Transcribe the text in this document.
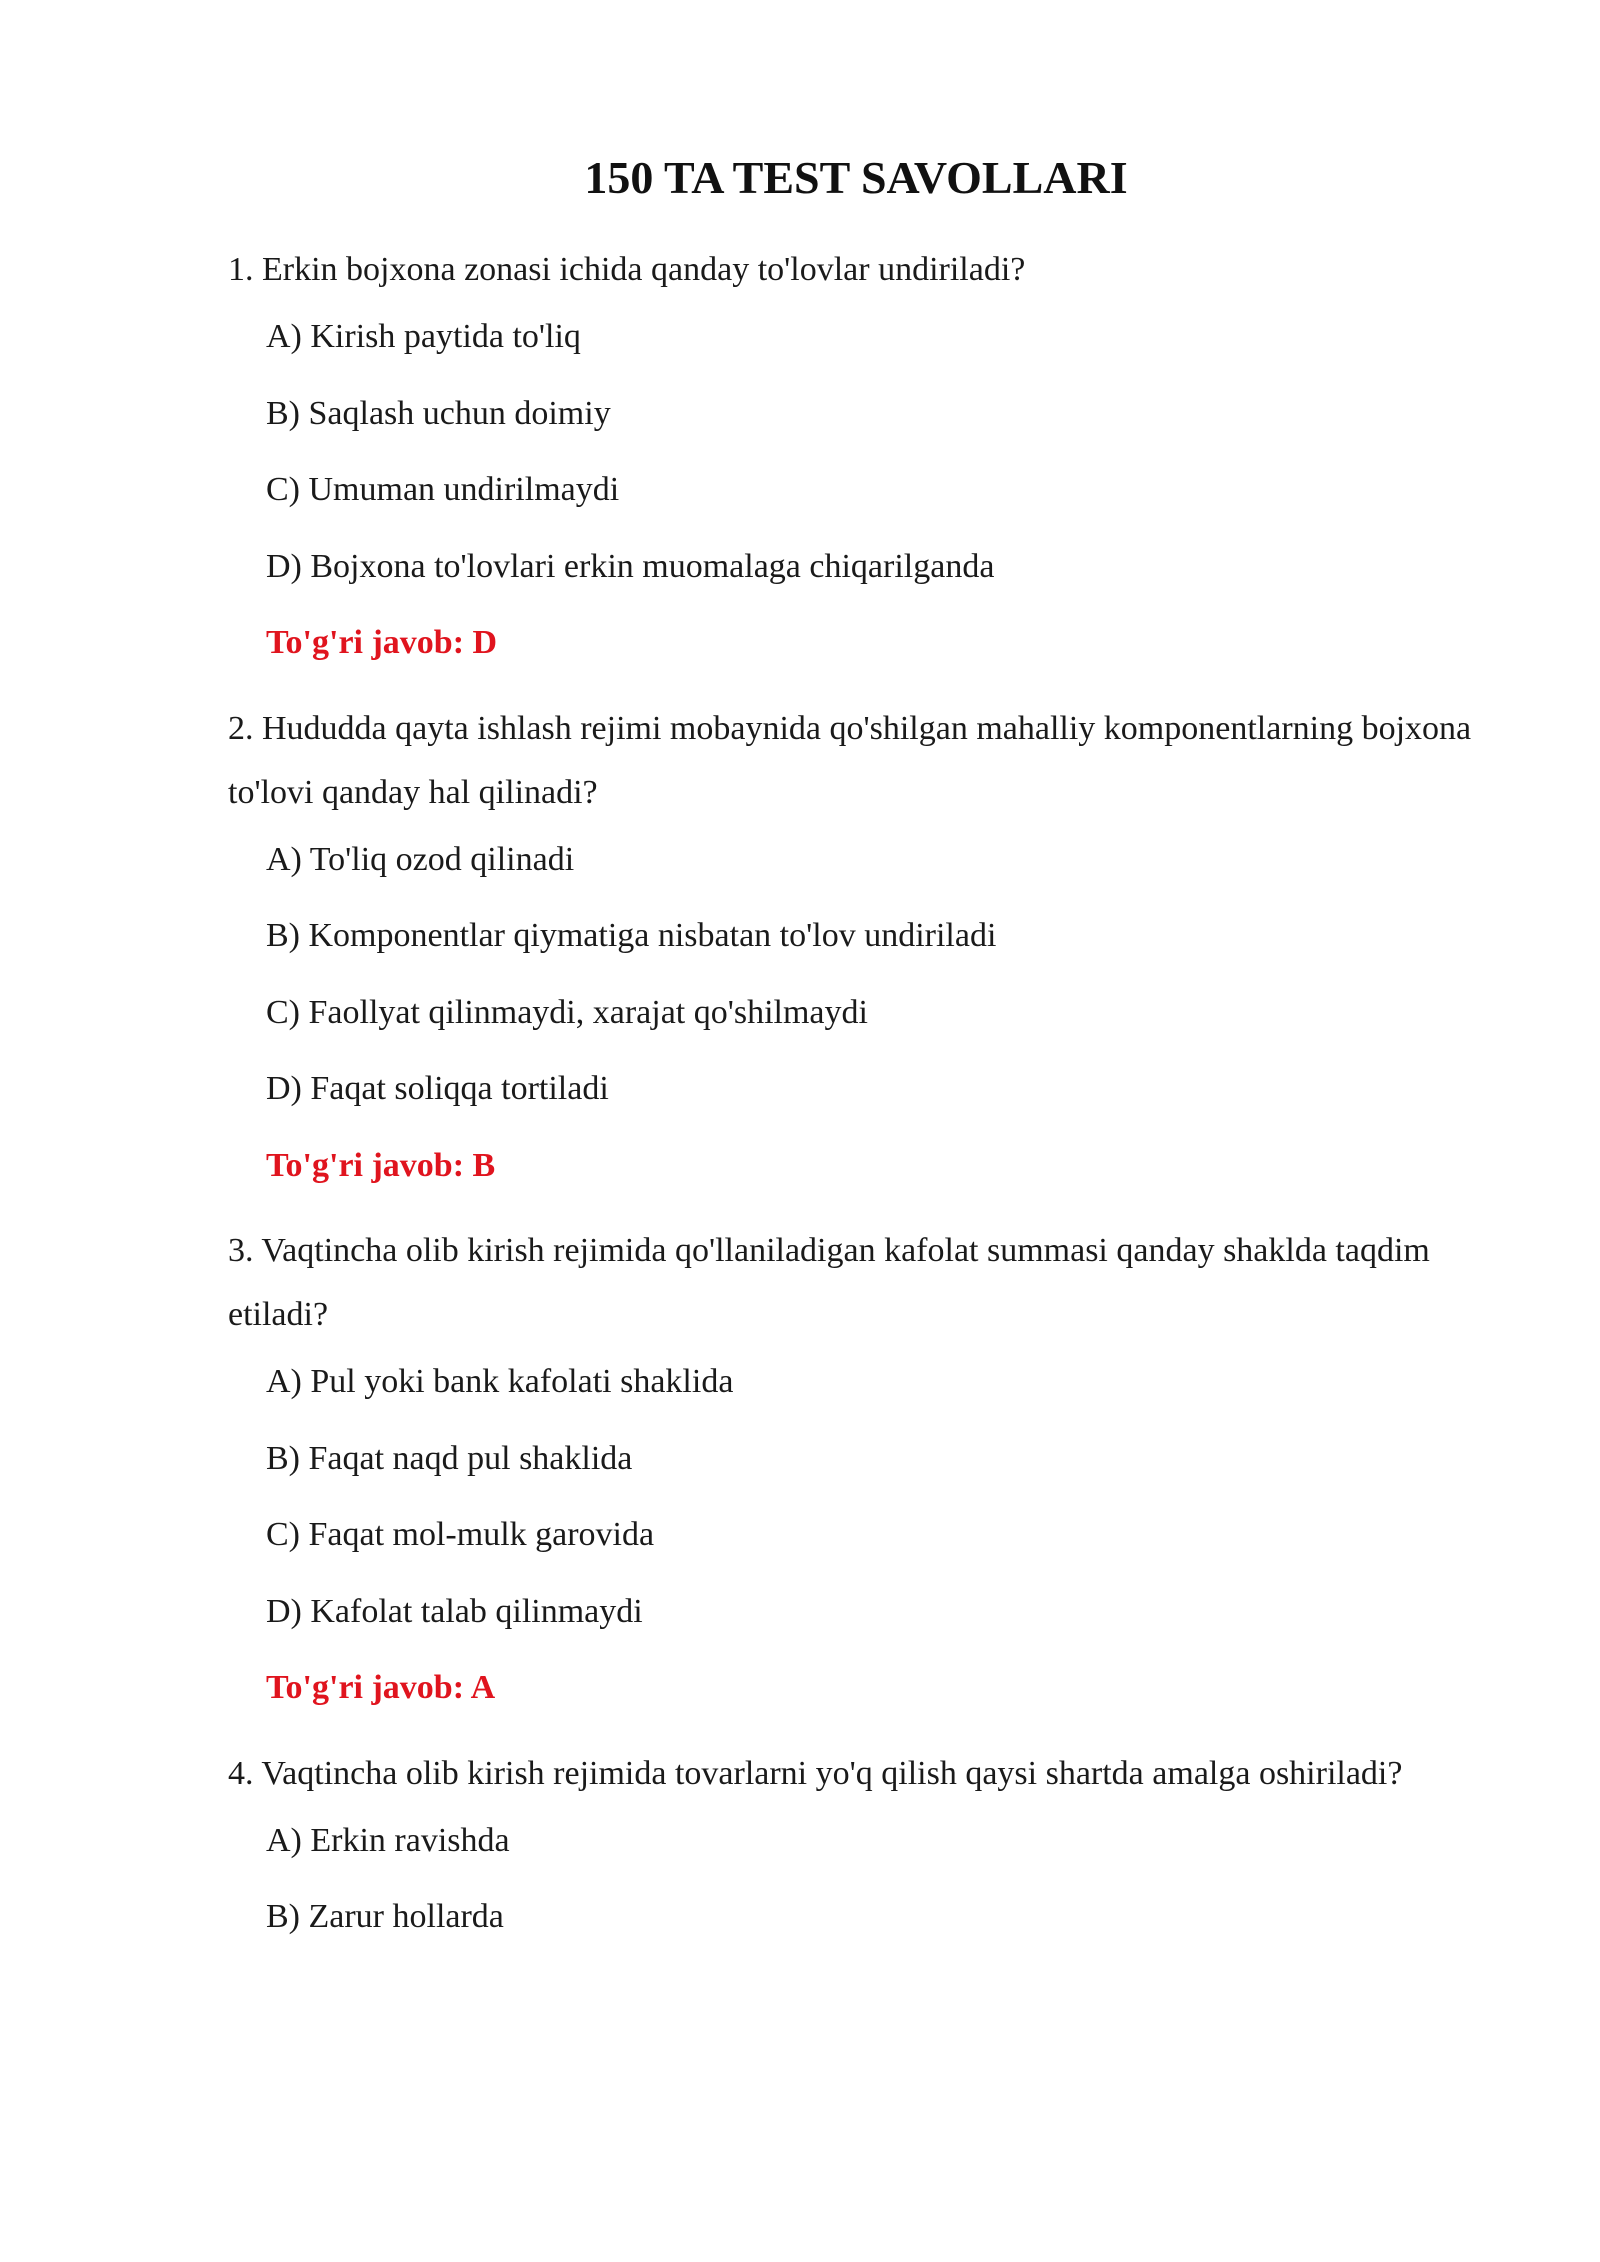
150 TA TEST SAVOLLARI

1. Erkin bojxona zonasi ichida qanday to'lovlar undiriladi?

A) Kirish paytida to'liq
B) Saqlash uchun doimiy
C) Umuman undirilmaydi
D) Bojxona to'lovlari erkin muomalaga chiqarilganda
To'g'ri javob: D

2. Hududda qayta ishlash rejimi mobaynida qo'shilgan mahalliy komponentlarning bojxona to'lovi qanday hal qilinadi?

A) To'liq ozod qilinadi
B) Komponentlar qiymatiga nisbatan to'lov undiriladi
C) Faollyat qilinmaydi, xarajat qo'shilmaydi
D) Faqat soliqqa tortiladi
To'g'ri javob: B

3. Vaqtincha olib kirish rejimida qo'llaniladigan kafolat summasi qanday shaklda taqdim etiladi?

A) Pul yoki bank kafolati shaklida
B) Faqat naqd pul shaklida
C) Faqat mol-mulk garovida
D) Kafolat talab qilinmaydi
To'g'ri javob: A

4. Vaqtincha olib kirish rejimida tovarlarni yo'q qilish qaysi shartda amalga oshiriladi?

A) Erkin ravishda
B) Zarur hollarda
